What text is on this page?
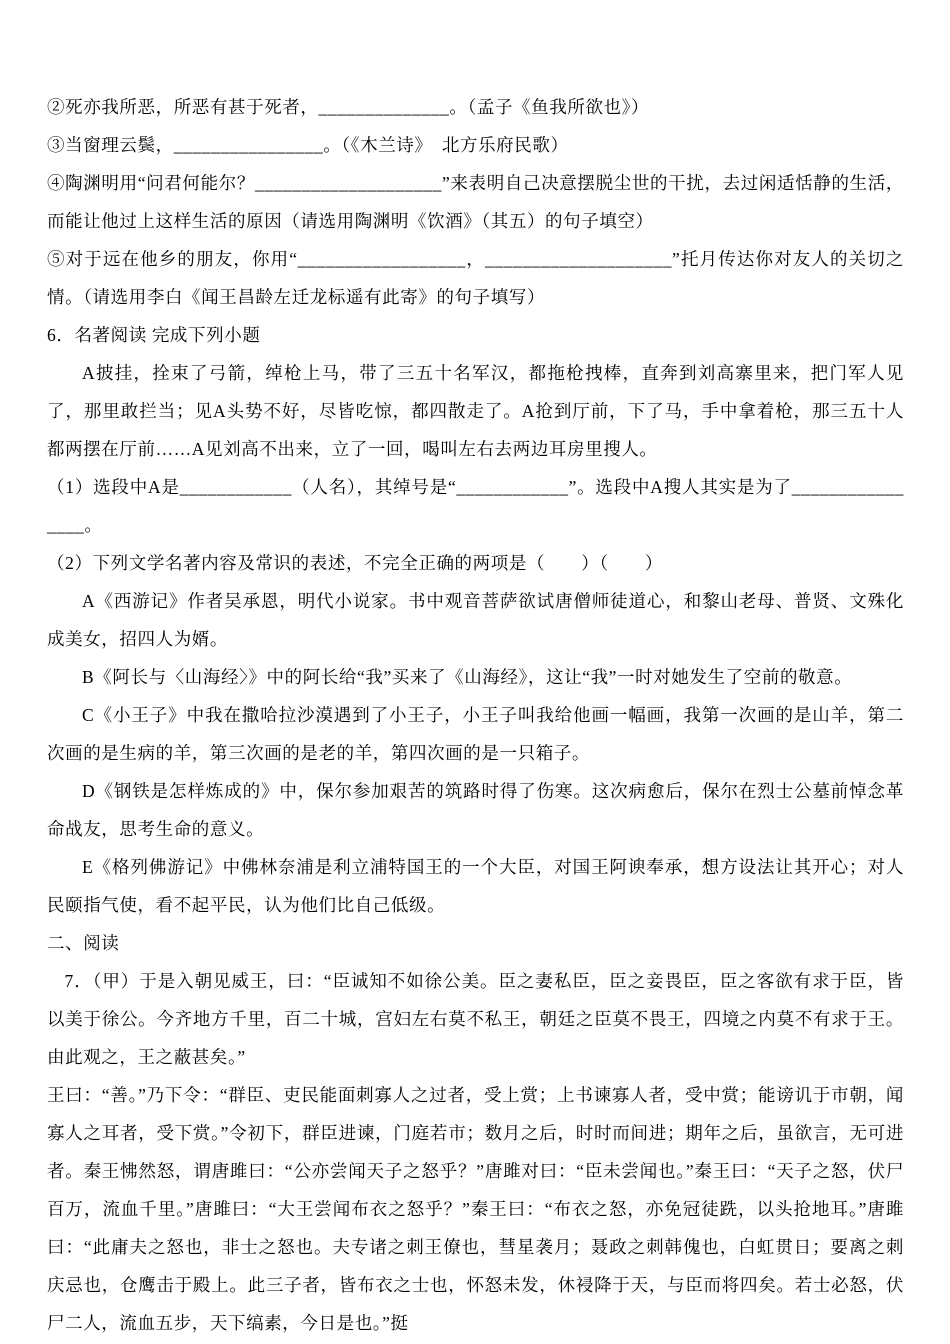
②死亦我所恶，所恶有甚于死者，______________。（孟子《鱼我所欲也》）

③当窗理云鬓，________________。（《木兰诗》　北方乐府民歌）

④陶渊明用“问君何能尔？____________________”来表明自己决意摆脱尘世的干扰，去过闲适恬静的生活，而能让他过上这样生活的原因（请选用陶渊明《饮酒》（其五）的句子填空）

⑤对于远在他乡的朋友，你用“__________________，____________________”托月传达你对友人的关切之情。（请选用李白《闻王昌龄左迁龙标遥有此寄》的句子填写）

6．名著阅读 完成下列小题

A披挂，拴束了弓箭，绰枪上马，带了三五十名军汉，都拖枪拽棒，直奔到刘高寨里来，把门军人见了，那里敢拦当；见A头势不好，尽皆吃惊，都四散走了。A抢到厅前，下了马，手中拿着枪，那三五十人都两摆在厅前……A见刘高不出来，立了一回，喝叫左右去两边耳房里搜人。

（1）选段中A是____________（人名），其绰号是“____________”。选段中A搜人其实是为了________________。

（2）下列文学名著内容及常识的表述，不完全正确的两项是（　　）（　　）

A《西游记》作者吴承恩，明代小说家。书中观音菩萨欲试唐僧师徒道心，和黎山老母、普贤、文殊化成美女，招四人为婿。

B《阿长与〈山海经〉》中的阿长给“我”买来了《山海经》，这让“我”一时对她发生了空前的敬意。

C《小王子》中我在撒哈拉沙漠遇到了小王子，小王子叫我给他画一幅画，我第一次画的是山羊，第二次画的是生病的羊，第三次画的是老的羊，第四次画的是一只箱子。

D《钢铁是怎样炼成的》中，保尔参加艰苦的筑路时得了伤寒。这次病愈后，保尔在烈士公墓前悼念革命战友，思考生命的意义。

E《格列佛游记》中佛林奈浦是利立浦特国王的一个大臣，对国王阿谀奉承，想方设法让其开心；对人民颐指气使，看不起平民，认为他们比自己低级。

二、阅读

7．（甲）于是入朝见威王，曰：“臣诚知不如徐公美。臣之妻私臣，臣之妾畏臣，臣之客欲有求于臣，皆以美于徐公。今齐地方千里，百二十城，宫妇左右莫不私王，朝廷之臣莫不畏王，四境之内莫不有求于王。由此观之，王之蔽甚矣。”

王曰：“善。”乃下令：“群臣、吏民能面刺寡人之过者，受上赏；上书谏寡人者，受中赏；能谤讥于市朝，闻寡人之耳者，受下赏。”令初下，群臣进谏，门庭若市；数月之后，时时而间进；期年之后，虽欲言，无可进者。秦王怫然怒，谓唐雎曰：“公亦尝闻天子之怒乎？”唐雎对曰：“臣未尝闻也。”秦王曰：“天子之怒，伏尸百万，流血千里。”唐雎曰：“大王尝闻布衣之怒乎？”秦王曰：“布衣之怒，亦免冠徒跣，以头抢地耳。”唐雎曰：“此庸夫之怒也，非士之怒也。夫专诸之刺王僚也，彗星袭月；聂政之刺韩傀也，白虹贯日；要离之刺庆忌也，仓鹰击于殿上。此三子者，皆布衣之士也，怀怒未发，休祲降于天，与臣而将四矣。若士必怒，伏尸二人，流血五步，天下缟素，今日是也。”挺
